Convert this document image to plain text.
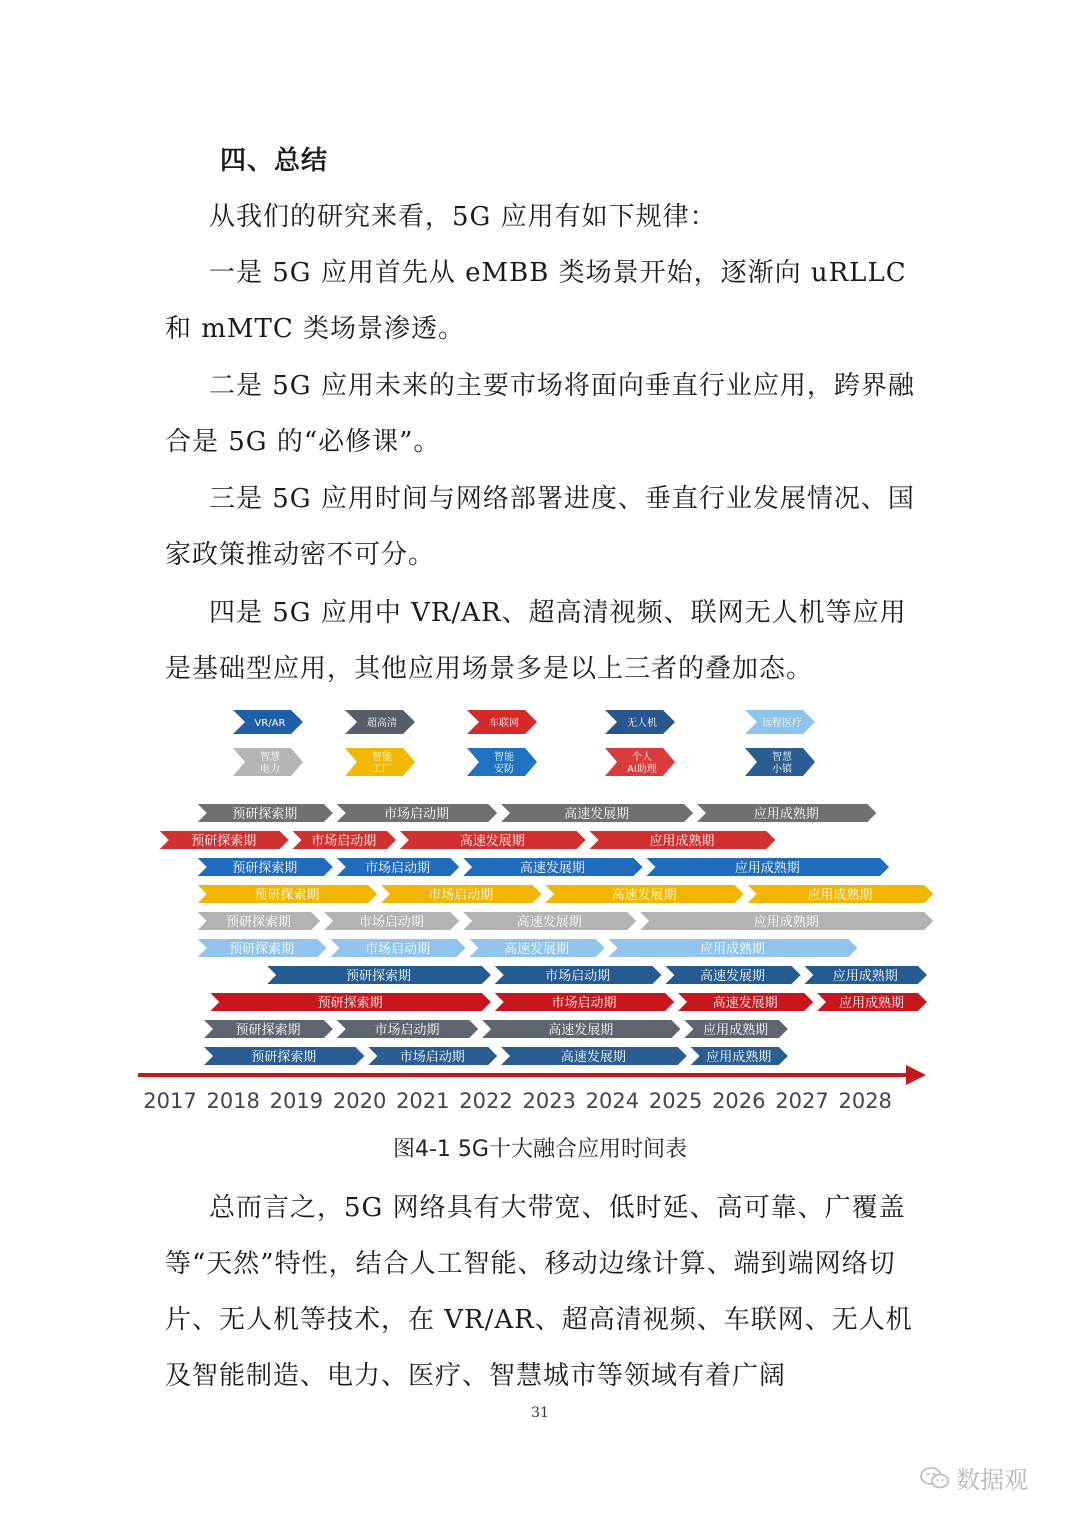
四、总结

从我们的研究来看，5G 应用有如下规律：

一是 5G 应用首先从 eMBB 类场景开始，逐渐向 uRLLC 和 mMTC 类场景渗透。

二是 5G 应用未来的主要市场将面向垂直行业应用，跨界融合是 5G 的“必修课”。

三是 5G 应用时间与网络部署进度、垂直行业发展情况、国家政策推动密不可分。

四是 5G 应用中 VR/AR、超高清视频、联网无人机等应用是基础型应用，其他应用场景多是以上三者的叠加态。

VR/AR	超高清	车联网	无人机	远程医疗
智慧
电力
智能
工厂
智能
安防
个人
AI助理
智慧
小镇
预研探索期	市场启动期	高速发展期	应用成熟期
预研探索期	市场启动期	高速发展期	应用成熟期
预研探索期	市场启动期	高速发展期	应用成熟期
预研探索期	市场启动期	高速发展期	应用成熟期
预研探索期	市场启动期	高速发展期	应用成熟期
预研探索期	市场启动期	高速发展期	应用成熟期
预研探索期	市场启动期	高速发展期	应用成熟期
预研探索期	市场启动期	高速发展期	应用成熟期
预研探索期	市场启动期	高速发展期	应用成熟期
预研探索期	市场启动期	高速发展期	应用成熟期
2017 2018 2019 2020 2021 2022 2023 2024 2025 2026 2027 2028
图4-1 5G十大融合应用时间表

总而言之，5G 网络具有大带宽、低时延、高可靠、广覆盖等“天然”特性，结合人工智能、移动边缘计算、端到端网络切片、无人机等技术，在 VR/AR、超高清视频、车联网、无人机及智能制造、电力、医疗、智慧城市等领域有着广阔

31
数据观
